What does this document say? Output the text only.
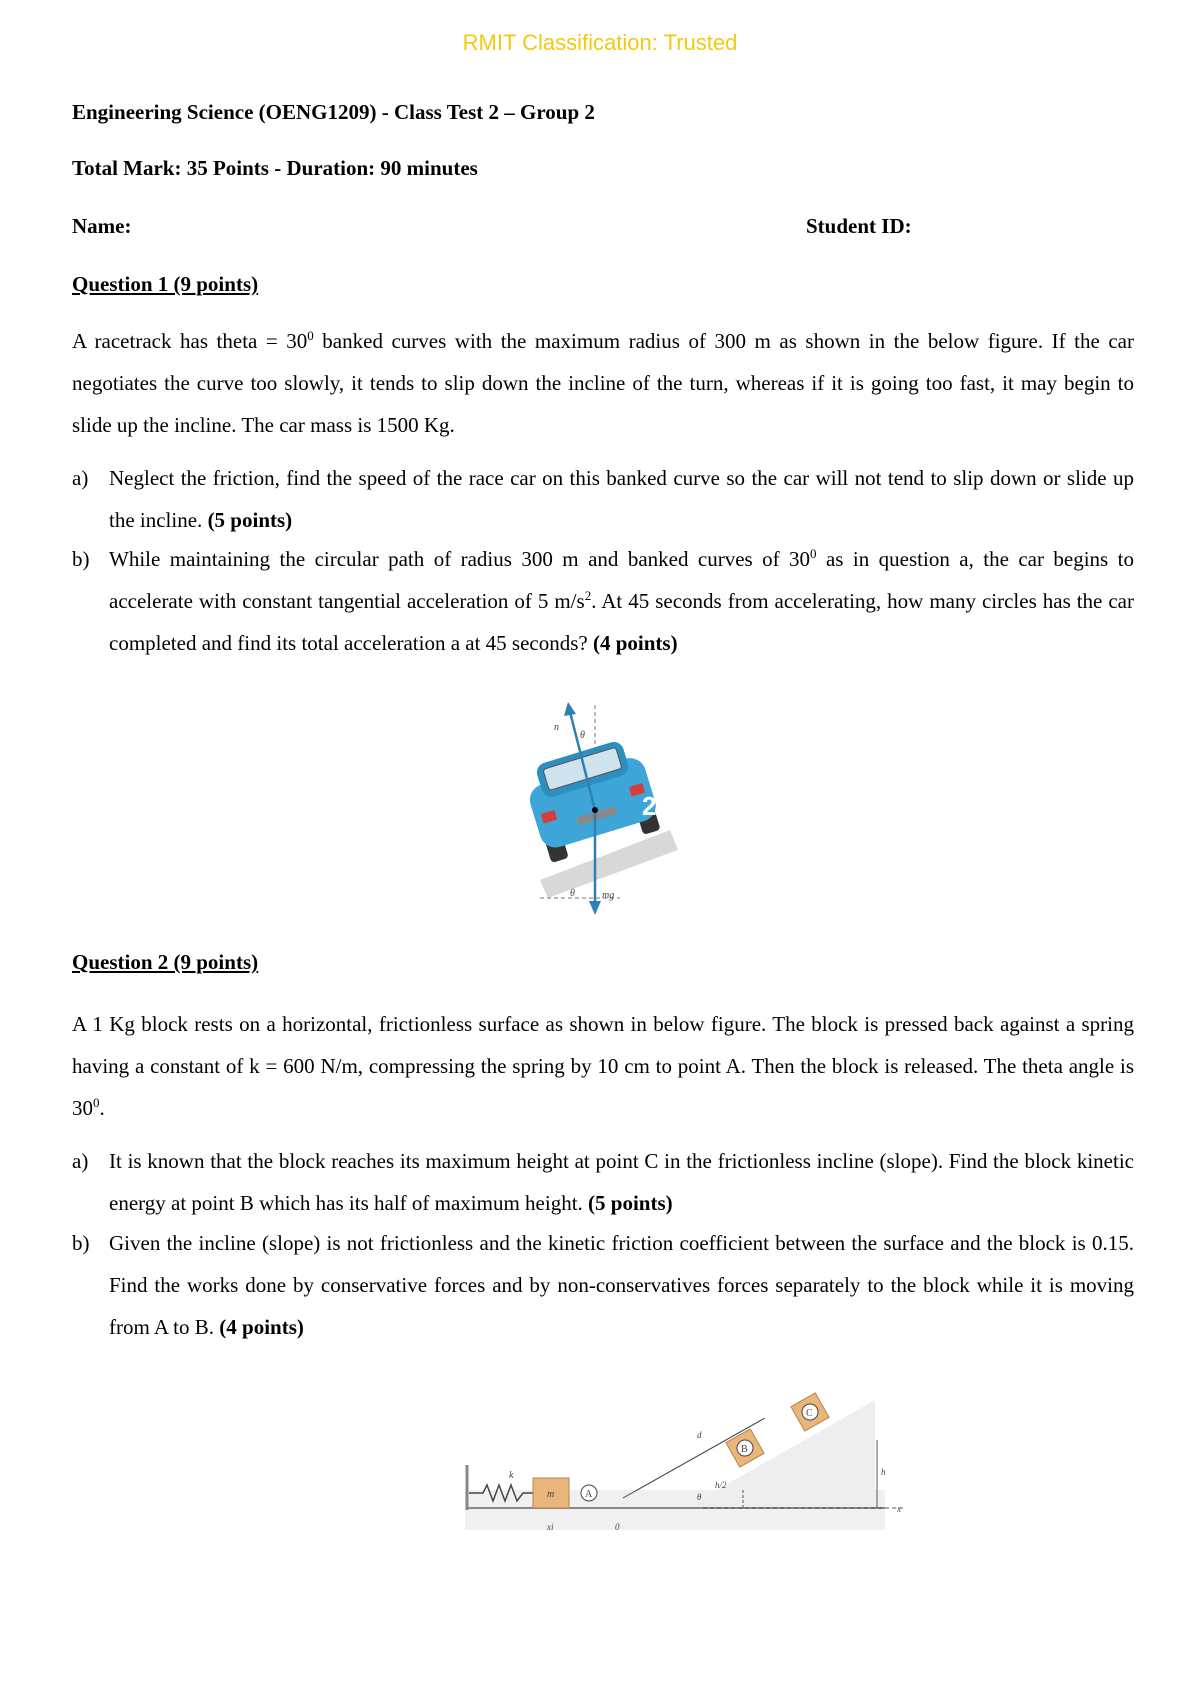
RMIT Classification: Trusted
Engineering Science (OENG1209) - Class Test 2 – Group 2
Total Mark: 35 Points - Duration: 90 minutes
Name:	Student ID:
Question 1 (9 points)
A racetrack has theta = $30^0$ banked curves with the maximum radius of 300 m as shown in the below figure. If the car negotiates the curve too slowly, it tends to slip down the incline of the turn, whereas if it is going too fast, it may begin to slide up the incline. The car mass is 1500 Kg.
a) Neglect the friction, find the speed of the race car on this banked curve so the car will not tend to slip down or slide up the incline. (5 points)
b) While maintaining the circular path of radius 300 m and banked curves of $30^0$ as in question a, the car begins to accelerate with constant tangential acceleration of 5 $m/s^2$. At 45 seconds from accelerating, how many circles has the car completed and find its total acceleration a at 45 seconds? (4 points)
Question 2 (9 points)
A 1 Kg block rests on a horizontal, frictionless surface as shown in below figure. The block is pressed back against a spring having a constant of k = 600 N/m, compressing the spring by 10 cm to point A. Then the block is released. The theta angle is $30^0$.
a) It is known that the block reaches its maximum height at point C in the frictionless incline (slope). Find the block kinetic energy at point B which has its half of maximum height. (5 points)
b) Given the incline (slope) is not frictionless and the kinetic friction coefficient between the surface and the block is 0.15. Find the works done by conservative forces and by non-conservatives forces separately to the block while it is moving from A to B. (4 points)
2
n
θ
θ	mg
m	A
k
xi	0
B
C
d
x
h/2
h
θ
